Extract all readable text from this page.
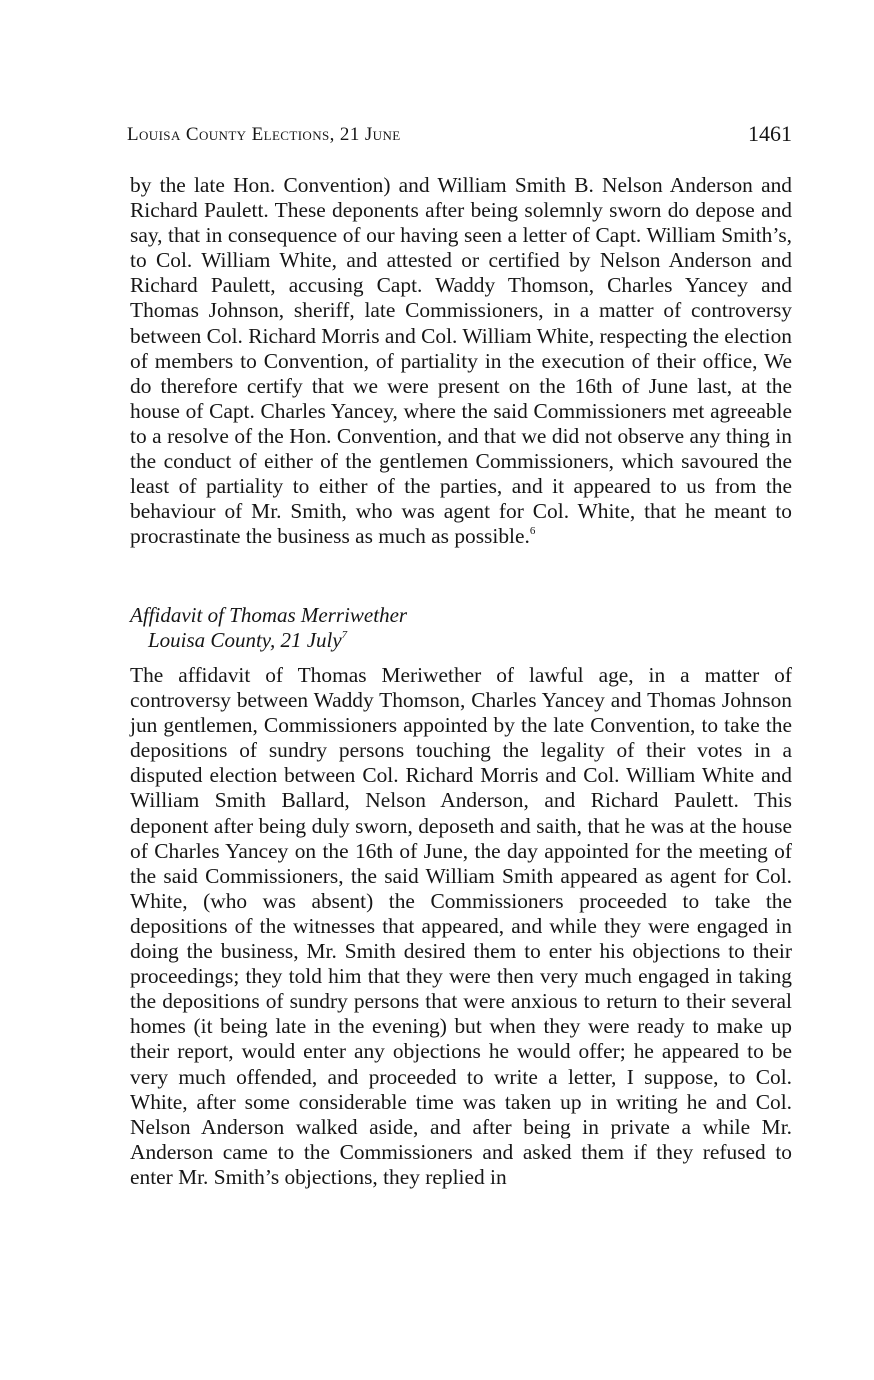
Louisa County Elections, 21 June	1461

by the late Hon. Convention) and William Smith B. Nelson Anderson and Richard Paulett. These deponents after being solemnly sworn do depose and say, that in consequence of our having seen a letter of Capt. William Smith’s, to Col. William White, and attested or certified by Nelson Anderson and Richard Paulett, accusing Capt. Waddy Thomson, Charles Yancey and Thomas Johnson, sheriff, late Commissioners, in a matter of controversy between Col. Richard Morris and Col. William White, respecting the election of members to Convention, of partiality in the execution of their office, We do therefore certify that we were present on the 16th of June last, at the house of Capt. Charles Yancey, where the said Commissioners met agreeable to a resolve of the Hon. Convention, and that we did not observe any thing in the conduct of either of the gentlemen Commissioners, which savoured the least of partiality to either of the parties, and it appeared to us from the behaviour of Mr. Smith, who was agent for Col. White, that he meant to procrastinate the business as much as possible.$^6$

Affidavit of Thomas Merriwether
Louisa County, 21 July$^7$

The affidavit of Thomas Meriwether of lawful age, in a matter of controversy between Waddy Thomson, Charles Yancey and Thomas Johnson jun gentlemen, Commissioners appointed by the late Convention, to take the depositions of sundry persons touching the legality of their votes in a disputed election between Col. Richard Morris and Col. William White and William Smith Ballard, Nelson Anderson, and Richard Paulett. This deponent after being duly sworn, deposeth and saith, that he was at the house of Charles Yancey on the 16th of June, the day appointed for the meeting of the said Commissioners, the said William Smith appeared as agent for Col. White, (who was absent) the Commissioners proceeded to take the depositions of the witnesses that appeared, and while they were engaged in doing the business, Mr. Smith desired them to enter his objections to their proceedings; they told him that they were then very much engaged in taking the depositions of sundry persons that were anxious to return to their several homes (it being late in the evening) but when they were ready to make up their report, would enter any objections he would offer; he appeared to be very much offended, and proceeded to write a letter, I suppose, to Col. White, after some considerable time was taken up in writing he and Col. Nelson Anderson walked aside, and after being in private a while Mr. Anderson came to the Commissioners and asked them if they refused to enter Mr. Smith’s objections, they replied in
